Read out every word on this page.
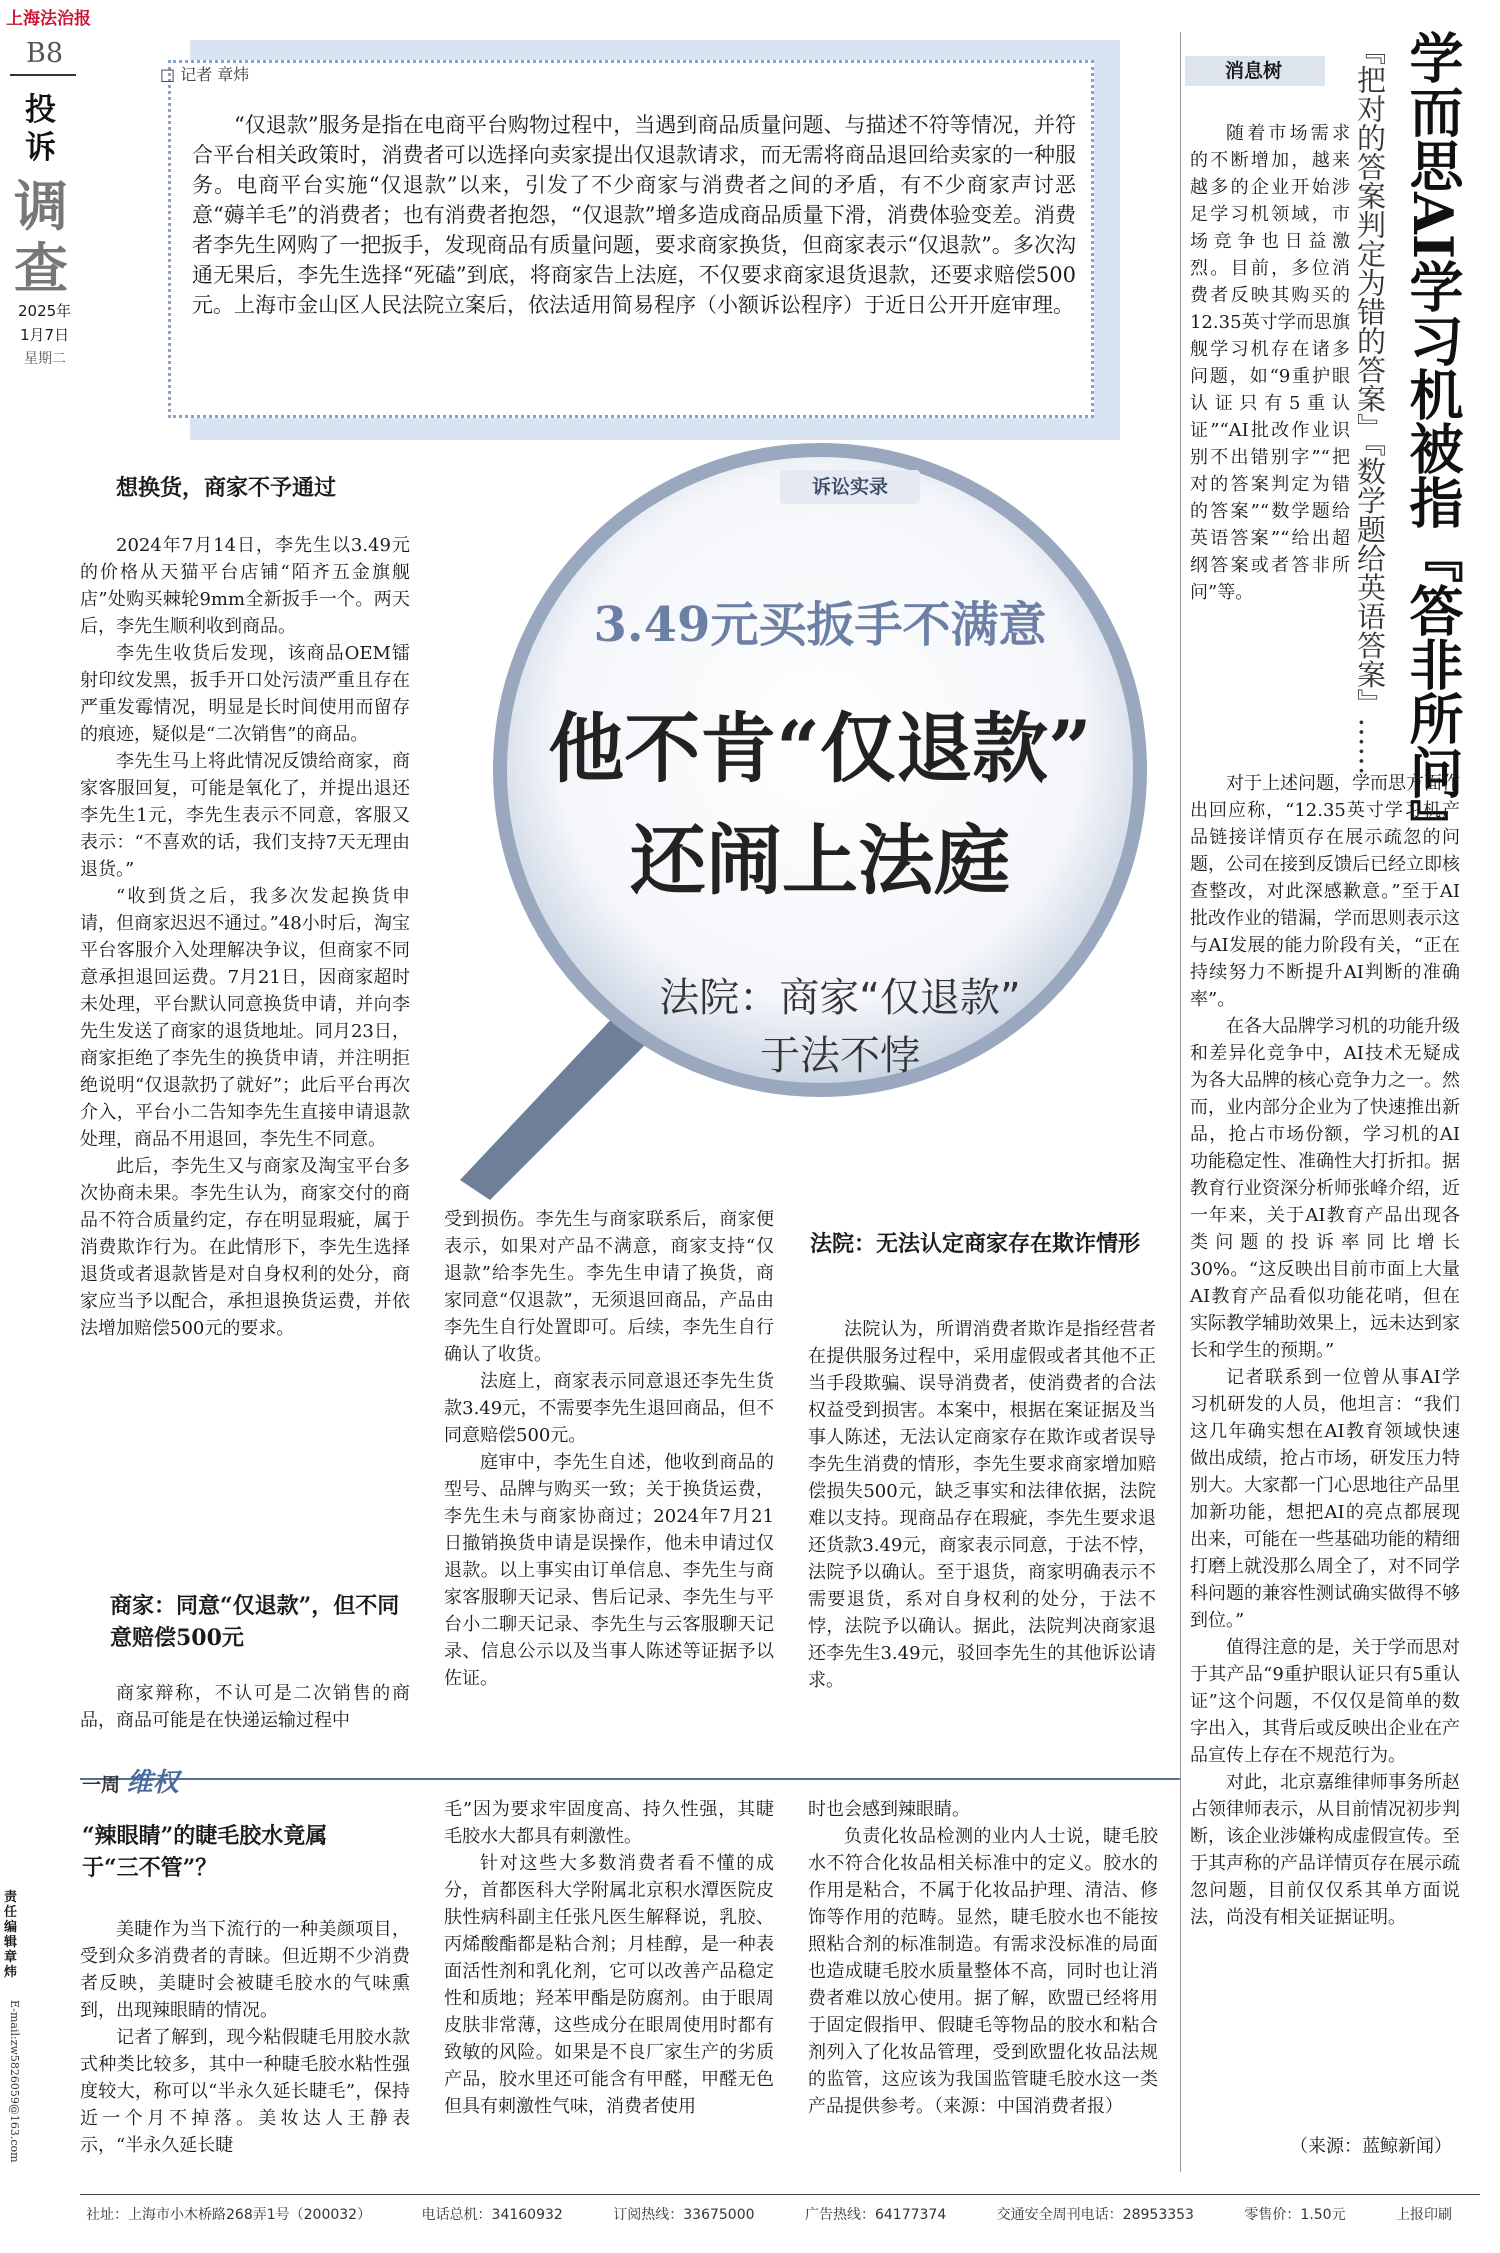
上海法治报
B8
投
诉
调
查
2025年
1月7日
星期二
责任编辑 章炜
E-mail:zw5826059@163.com
□ 记者 章炜
“仅退款”服务是指在电商平台购物过程中，当遇到商品质量问题、与描述不符等情况，并符合平台相关政策时，消费者可以选择向卖家提出仅退款请求，而无需将商品退回给卖家的一种服务。电商平台实施“仅退款”以来，引发了不少商家与消费者之间的矛盾，有不少商家声讨恶意“薅羊毛”的消费者；也有消费者抱怨，“仅退款”增多造成商品质量下滑，消费体验变差。消费者李先生网购了一把扳手，发现商品有质量问题，要求商家换货，但商家表示“仅退款”。多次沟通无果后，李先生选择“死磕”到底，将商家告上法庭，不仅要求商家退货退款，还要求赔偿500元。上海市金山区人民法院立案后，依法适用简易程序（小额诉讼程序）于近日公开开庭审理。
诉讼实录
3.49元买扳手不满意
他不肯“仅退款”
还闹上法庭
法院：商家“仅退款”
于法不悖
想换货，商家不予通过

2024年7月14日，李先生以3.49元的价格从天猫平台店铺“陌齐五金旗舰店”处购买棘轮9mm全新扳手一个。两天后，李先生顺利收到商品。

李先生收货后发现，该商品OEM镭射印纹发黑，扳手开口处污渍严重且存在严重发霉情况，明显是长时间使用而留存的痕迹，疑似是“二次销售”的商品。

李先生马上将此情况反馈给商家，商家客服回复，可能是氧化了，并提出退还李先生1元，李先生表示不同意，客服又表示：“不喜欢的话，我们支持7天无理由退货。”

“收到货之后，我多次发起换货申请，但商家迟迟不通过。”48小时后，淘宝平台客服介入处理解决争议，但商家不同意承担退回运费。7月21日，因商家超时未处理，平台默认同意换货申请，并向李先生发送了商家的退货地址。同月23日，商家拒绝了李先生的换货申请，并注明拒绝说明“仅退款扔了就好”；此后平台再次介入，平台小二告知李先生直接申请退款处理，商品不用退回，李先生不同意。

此后，李先生又与商家及淘宝平台多次协商未果。李先生认为，商家交付的商品不符合质量约定，存在明显瑕疵，属于消费欺诈行为。在此情形下，李先生选择退货或者退款皆是对自身权利的处分，商家应当予以配合，承担退换货运费，并依法增加赔偿500元的要求。

商家：同意“仅退款”，但不同意赔偿500元

商家辩称，不认可是二次销售的商品，商品可能是在快递运输过程中

受到损伤。李先生与商家联系后，商家便表示，如果对产品不满意，商家支持“仅退款”给李先生。李先生申请了换货，商家同意“仅退款”，无须退回商品，产品由李先生自行处置即可。后续，李先生自行确认了收货。

法庭上，商家表示同意退还李先生货款3.49元，不需要李先生退回商品，但不同意赔偿500元。

庭审中，李先生自述，他收到商品的型号、品牌与购买一致；关于换货运费，李先生未与商家协商过；2024年7月21日撤销换货申请是误操作，他未申请过仅退款。以上事实由订单信息、李先生与商家客服聊天记录、售后记录、李先生与平台小二聊天记录、李先生与云客服聊天记录、信息公示以及当事人陈述等证据予以佐证。

法院：无法认定商家存在欺诈情形

法院认为，所谓消费者欺诈是指经营者在提供服务过程中，采用虚假或者其他不正当手段欺骗、误导消费者，使消费者的合法权益受到损害。本案中，根据在案证据及当事人陈述，无法认定商家存在欺诈或者误导李先生消费的情形，李先生要求商家增加赔偿损失500元，缺乏事实和法律依据，法院难以支持。现商品存在瑕疵，李先生要求退还货款3.49元，商家表示同意，于法不悖，法院予以确认。至于退货，商家明确表示不需要退货，系对自身权利的处分，于法不悖，法院予以确认。据此，法院判决商家退还李先生3.49元，驳回李先生的其他诉讼请求。

消息树	学而思AI学习机被指『答非所问』
『把对的答案判定为错的答案』『数学题给英语答案』……

随着市场需求的不断增加，越来越多的企业开始涉足学习机领域，市场竞争也日益激烈。目前，多位消费者反映其购买的12.35英寸学而思旗舰学习机存在诸多问题，如“9重护眼认证只有5重认证”“AI批改作业识别不出错别字”“把对的答案判定为错的答案”“数学题给英语答案”“给出超纲答案或者答非所问”等。

对于上述问题，学而思方面作出回应称，“12.35英寸学习机产品链接详情页存在展示疏忽的问题，公司在接到反馈后已经立即核查整改，对此深感歉意。”至于AI批改作业的错漏，学而思则表示这与AI发展的能力阶段有关，“正在持续努力不断提升AI判断的准确率”。

在各大品牌学习机的功能升级和差异化竞争中，AI技术无疑成为各大品牌的核心竞争力之一。然而，业内部分企业为了快速推出新品，抢占市场份额，学习机的AI功能稳定性、准确性大打折扣。据教育行业资深分析师张峰介绍，近一年来，关于AI教育产品出现各类问题的投诉率同比增长30%。“这反映出目前市面上大量AI教育产品看似功能花哨，但在实际教学辅助效果上，远未达到家长和学生的预期。”

记者联系到一位曾从事AI学习机研发的人员，他坦言：“我们这几年确实想在AI教育领域快速做出成绩，抢占市场，研发压力特别大。大家都一门心思地往产品里加新功能，想把AI的亮点都展现出来，可能在一些基础功能的精细打磨上就没那么周全了，对不同学科问题的兼容性测试确实做得不够到位。”

值得注意的是，关于学而思对于其产品“9重护眼认证只有5重认证”这个问题，不仅仅是简单的数字出入，其背后或反映出企业在产品宣传上存在不规范行为。

对此，北京嘉维律师事务所赵占领律师表示，从目前情况初步判断，该企业涉嫌构成虚假宣传。至于其声称的产品详情页存在展示疏忽问题，目前仅仅系其单方面说法，尚没有相关证据证明。

（来源：蓝鲸新闻）
一周 维权
“辣眼睛”的睫毛胶水竟属于“三不管”？

美睫作为当下流行的一种美颜项目，受到众多消费者的青睐。但近期不少消费者反映，美睫时会被睫毛胶水的气味熏到，出现辣眼睛的情况。

记者了解到，现今粘假睫毛用胶水款式种类比较多，其中一种睫毛胶水粘性强度较大，称可以“半永久延长睫毛”，保持近一个月不掉落。美妆达人王静表示，“半永久延长睫

毛”因为要求牢固度高、持久性强，其睫毛胶水大都具有刺激性。

针对这些大多数消费者看不懂的成分，首都医科大学附属北京积水潭医院皮肤性病科副主任张凡医生解释说，乳胶、丙烯酸酯都是粘合剂；月桂醇，是一种表面活性剂和乳化剂，它可以改善产品稳定性和质地；羟苯甲酯是防腐剂。由于眼周皮肤非常薄，这些成分在眼周使用时都有致敏的风险。如果是不良厂家生产的劣质产品，胶水里还可能含有甲醛，甲醛无色但具有刺激性气味，消费者使用

时也会感到辣眼睛。

负责化妆品检测的业内人士说，睫毛胶水不符合化妆品相关标准中的定义。胶水的作用是粘合，不属于化妆品护理、清洁、修饰等作用的范畴。显然，睫毛胶水也不能按照粘合剂的标准制造。有需求没标准的局面也造成睫毛胶水质量整体不高，同时也让消费者难以放心使用。据了解，欧盟已经将用于固定假指甲、假睫毛等物品的胶水和粘合剂列入了化妆品管理，受到欧盟化妆品法规的监管，这应该为我国监管睫毛胶水这一类产品提供参考。（来源：中国消费者报）

社址：上海市小木桥路268弄1号（200032）	电话总机：34160932	订阅热线：33675000	广告热线：64177374	交通安全周刊电话：28953353	零售价：1.50元	上报印刷
